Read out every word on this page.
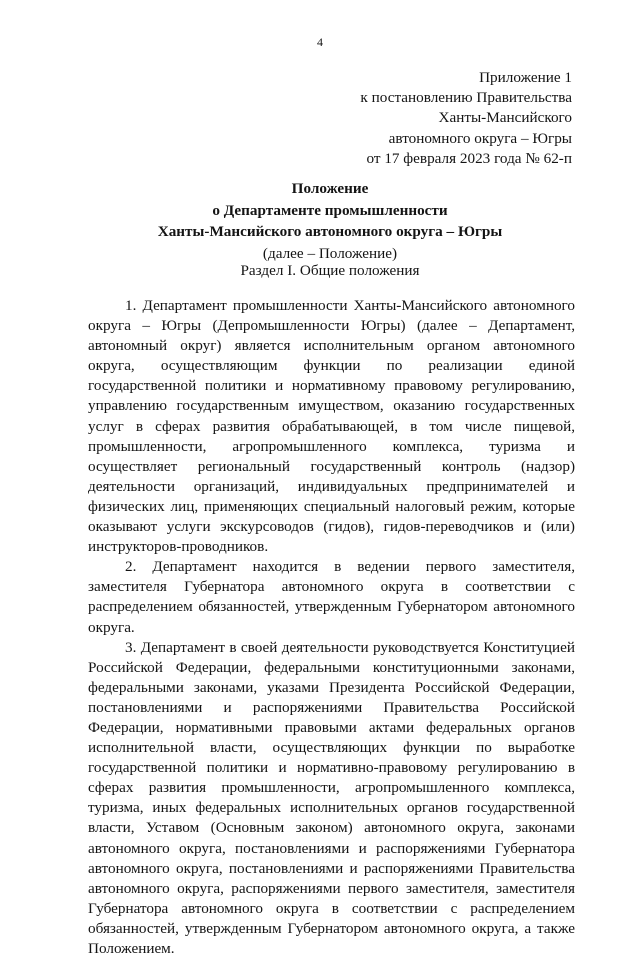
4
Приложение 1
к постановлению Правительства
Ханты-Мансийского
автономного округа – Югры
от 17 февраля 2023 года № 62-п
Положение
о Департаменте промышленности
Ханты-Мансийского автономного округа – Югры
(далее – Положение)
Раздел I. Общие положения

1. Департамент промышленности Ханты-Мансийского автономного округа – Югры (Депромышленности Югры) (далее – Департамент, автономный округ) является исполнительным органом автономного округа, осуществляющим функции по реализации единой государственной политики и нормативному правовому регулированию, управлению государственным имуществом, оказанию государственных услуг в сферах развития обрабатывающей, в том числе пищевой, промышленности, агропромышленного комплекса, туризма и осуществляет региональный государственный контроль (надзор) деятельности организаций, индивидуальных предпринимателей и физических лиц, применяющих специальный налоговый режим, которые оказывают услуги экскурсоводов (гидов), гидов-переводчиков и (или) инструкторов-проводников.

2. Департамент находится в ведении первого заместителя, заместителя Губернатора автономного округа в соответствии с распределением обязанностей, утвержденным Губернатором автономного округа.

3. Департамент в своей деятельности руководствуется Конституцией Российской Федерации, федеральными конституционными законами, федеральными законами, указами Президента Российской Федерации, постановлениями и распоряжениями Правительства Российской Федерации, нормативными правовыми актами федеральных органов исполнительной власти, осуществляющих функции по выработке государственной политики и нормативно-правовому регулированию в сферах развития промышленности, агропромышленного комплекса, туризма, иных федеральных исполнительных органов государственной власти, Уставом (Основным законом) автономного округа, законами автономного округа, постановлениями и распоряжениями Губернатора автономного округа, постановлениями и распоряжениями Правительства автономного округа, распоряжениями первого заместителя, заместителя Губернатора автономного округа в соответствии с распределением обязанностей, утвержденным Губернатором автономного округа, а также Положением.
